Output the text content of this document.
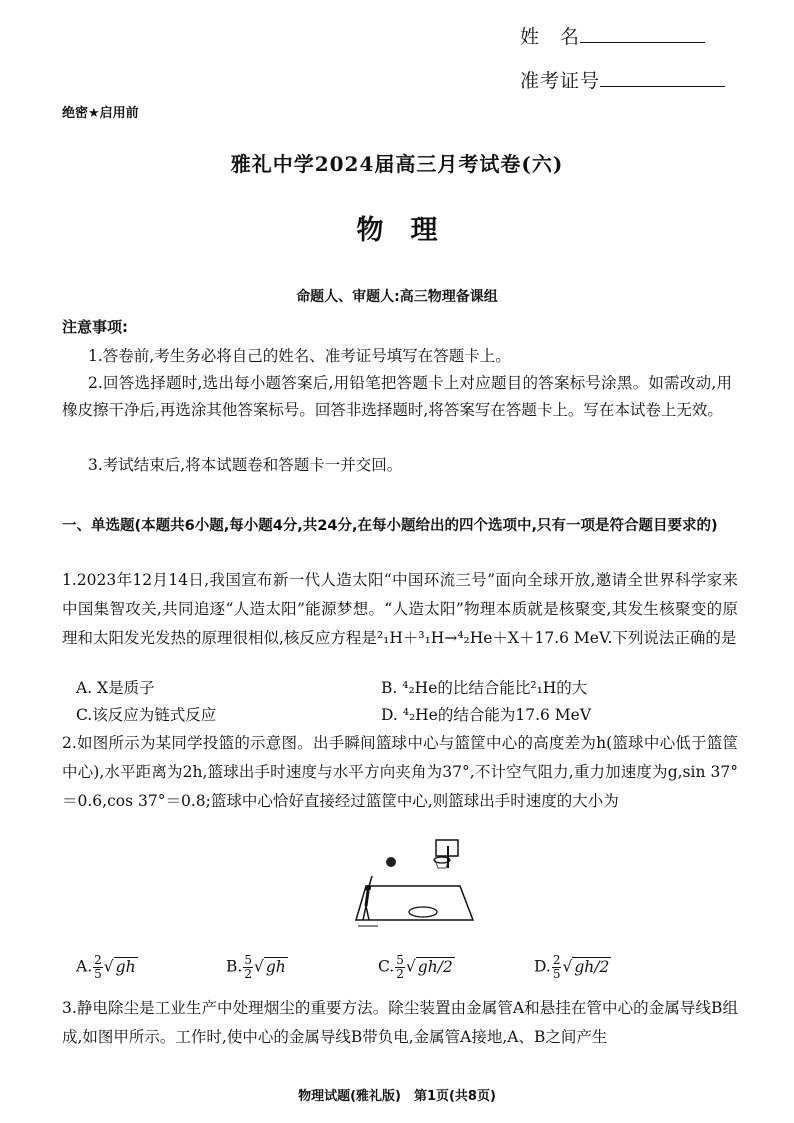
姓　名
准考证号
绝密★启用前
雅礼中学2024届高三月考试卷(六)
物　理
命题人、审题人:高三物理备课组
注意事项:
1.答卷前,考生务必将自己的姓名、准考证号填写在答题卡上。
2.回答选择题时,选出每小题答案后,用铅笔把答题卡上对应题目的答案标号涂黑。如需改动,用橡皮擦干净后,再选涂其他答案标号。回答非选择题时,将答案写在答题卡上。写在本试卷上无效。
3.考试结束后,将本试题卷和答题卡一并交回。
一、单选题(本题共6小题,每小题4分,共24分,在每小题给出的四个选项中,只有一项是符合题目要求的)
1.2023年12月14日,我国宣布新一代人造太阳“中国环流三号”面向全球开放,邀请全世界科学家来中国集智攻关,共同追逐“人造太阳”能源梦想。“人造太阳”物理本质就是核聚变,其发生核聚变的原理和太阳发光发热的原理很相似,核反应方程是²₁H＋³₁H→⁴₂He＋X＋17.6 MeV.下列说法正确的是
A. X是质子	B. ⁴₂He的比结合能比²₁H的大
C.该反应为链式反应	D. ⁴₂He的结合能为17.6 MeV
2.如图所示为某同学投篮的示意图。出手瞬间篮球中心与篮筐中心的高度差为h(篮球中心低于篮筐中心),水平距离为2h,篮球出手时速度与水平方向夹角为37°,不计空气阻力,重力加速度为g,sin 37°＝0.6,cos 37°＝0.8;篮球中心恰好直接经过篮筐中心,则篮球出手时速度的大小为
A. $\frac{2}{5}$ √ gh	B. $\frac{5}{2}$ √ gh	C. $\frac{5}{2}$ √ gh/2	D. $\frac{2}{5}$ √ gh/2
3.静电除尘是工业生产中处理烟尘的重要方法。除尘装置由金属管A和悬挂在管中心的金属导线B组成,如图甲所示。工作时,使中心的金属导线B带负电,金属管A接地,A、B之间产生
物理试题(雅礼版)　第1页(共8页)
